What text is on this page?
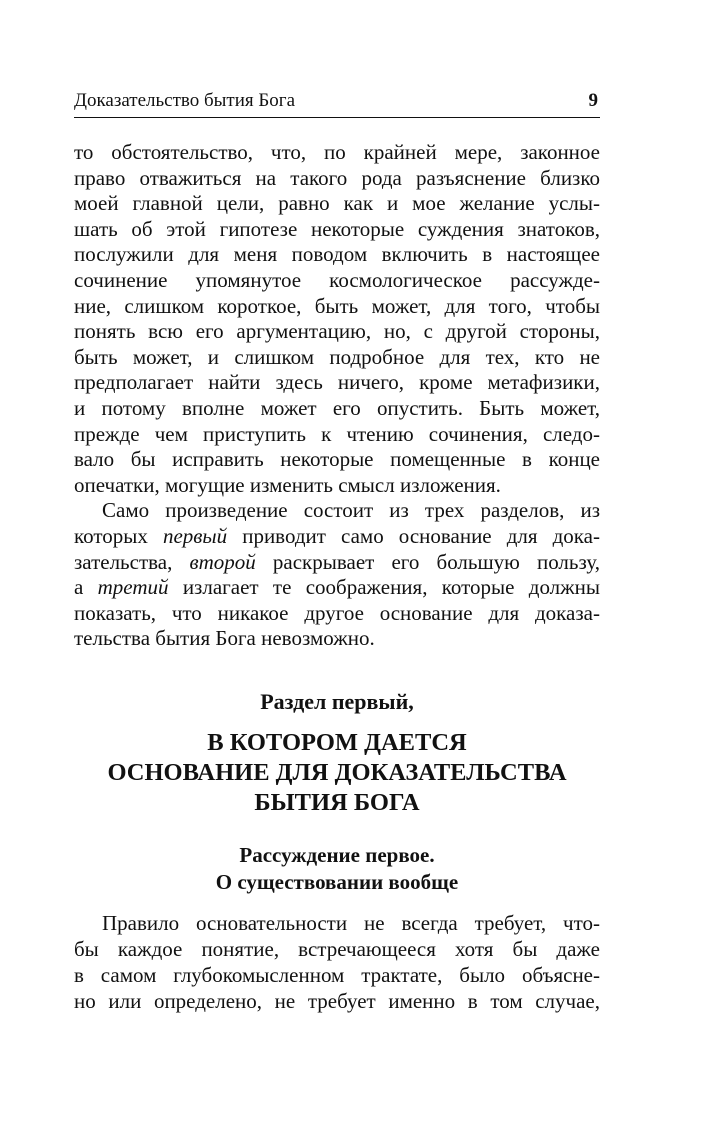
Доказательство бытия Бога	9
то обстоятельство, что, по крайней мере, законное
право отважиться на такого рода разъяснение близко
моей главной цели, равно как и мое желание услы-
шать об этой гипотезе некоторые суждения знатоков,
послужили для меня поводом включить в настоящее
сочинение упомянутое космологическое рассужде-
ние, слишком короткое, быть может, для того, чтобы
понять всю его аргументацию, но, с другой стороны,
быть может, и слишком подробное для тех, кто не
предполагает найти здесь ничего, кроме метафизики,
и потому вполне может его опустить. Быть может,
прежде чем приступить к чтению сочинения, следо-
вало бы исправить некоторые помещенные в конце
опечатки, могущие изменить смысл изложения.
Само произведение состоит из трех разделов, из
которых первый приводит само основание для дока-
зательства, второй раскрывает его большую пользу,
а третий излагает те соображения, которые должны
показать, что никакое другое основание для доказа-
тельства бытия Бога невозможно.
Раздел первый,
В КОТОРОМ ДАЕТСЯ
ОСНОВАНИЕ ДЛЯ ДОКАЗАТЕЛЬСТВА
БЫТИЯ БОГА
Рассуждение первое.
О существовании вообще
Правило основательности не всегда требует, что-
бы каждое понятие, встречающееся хотя бы даже
в самом глубокомысленном трактате, было объясне-
но или определено, не требует именно в том случае,
